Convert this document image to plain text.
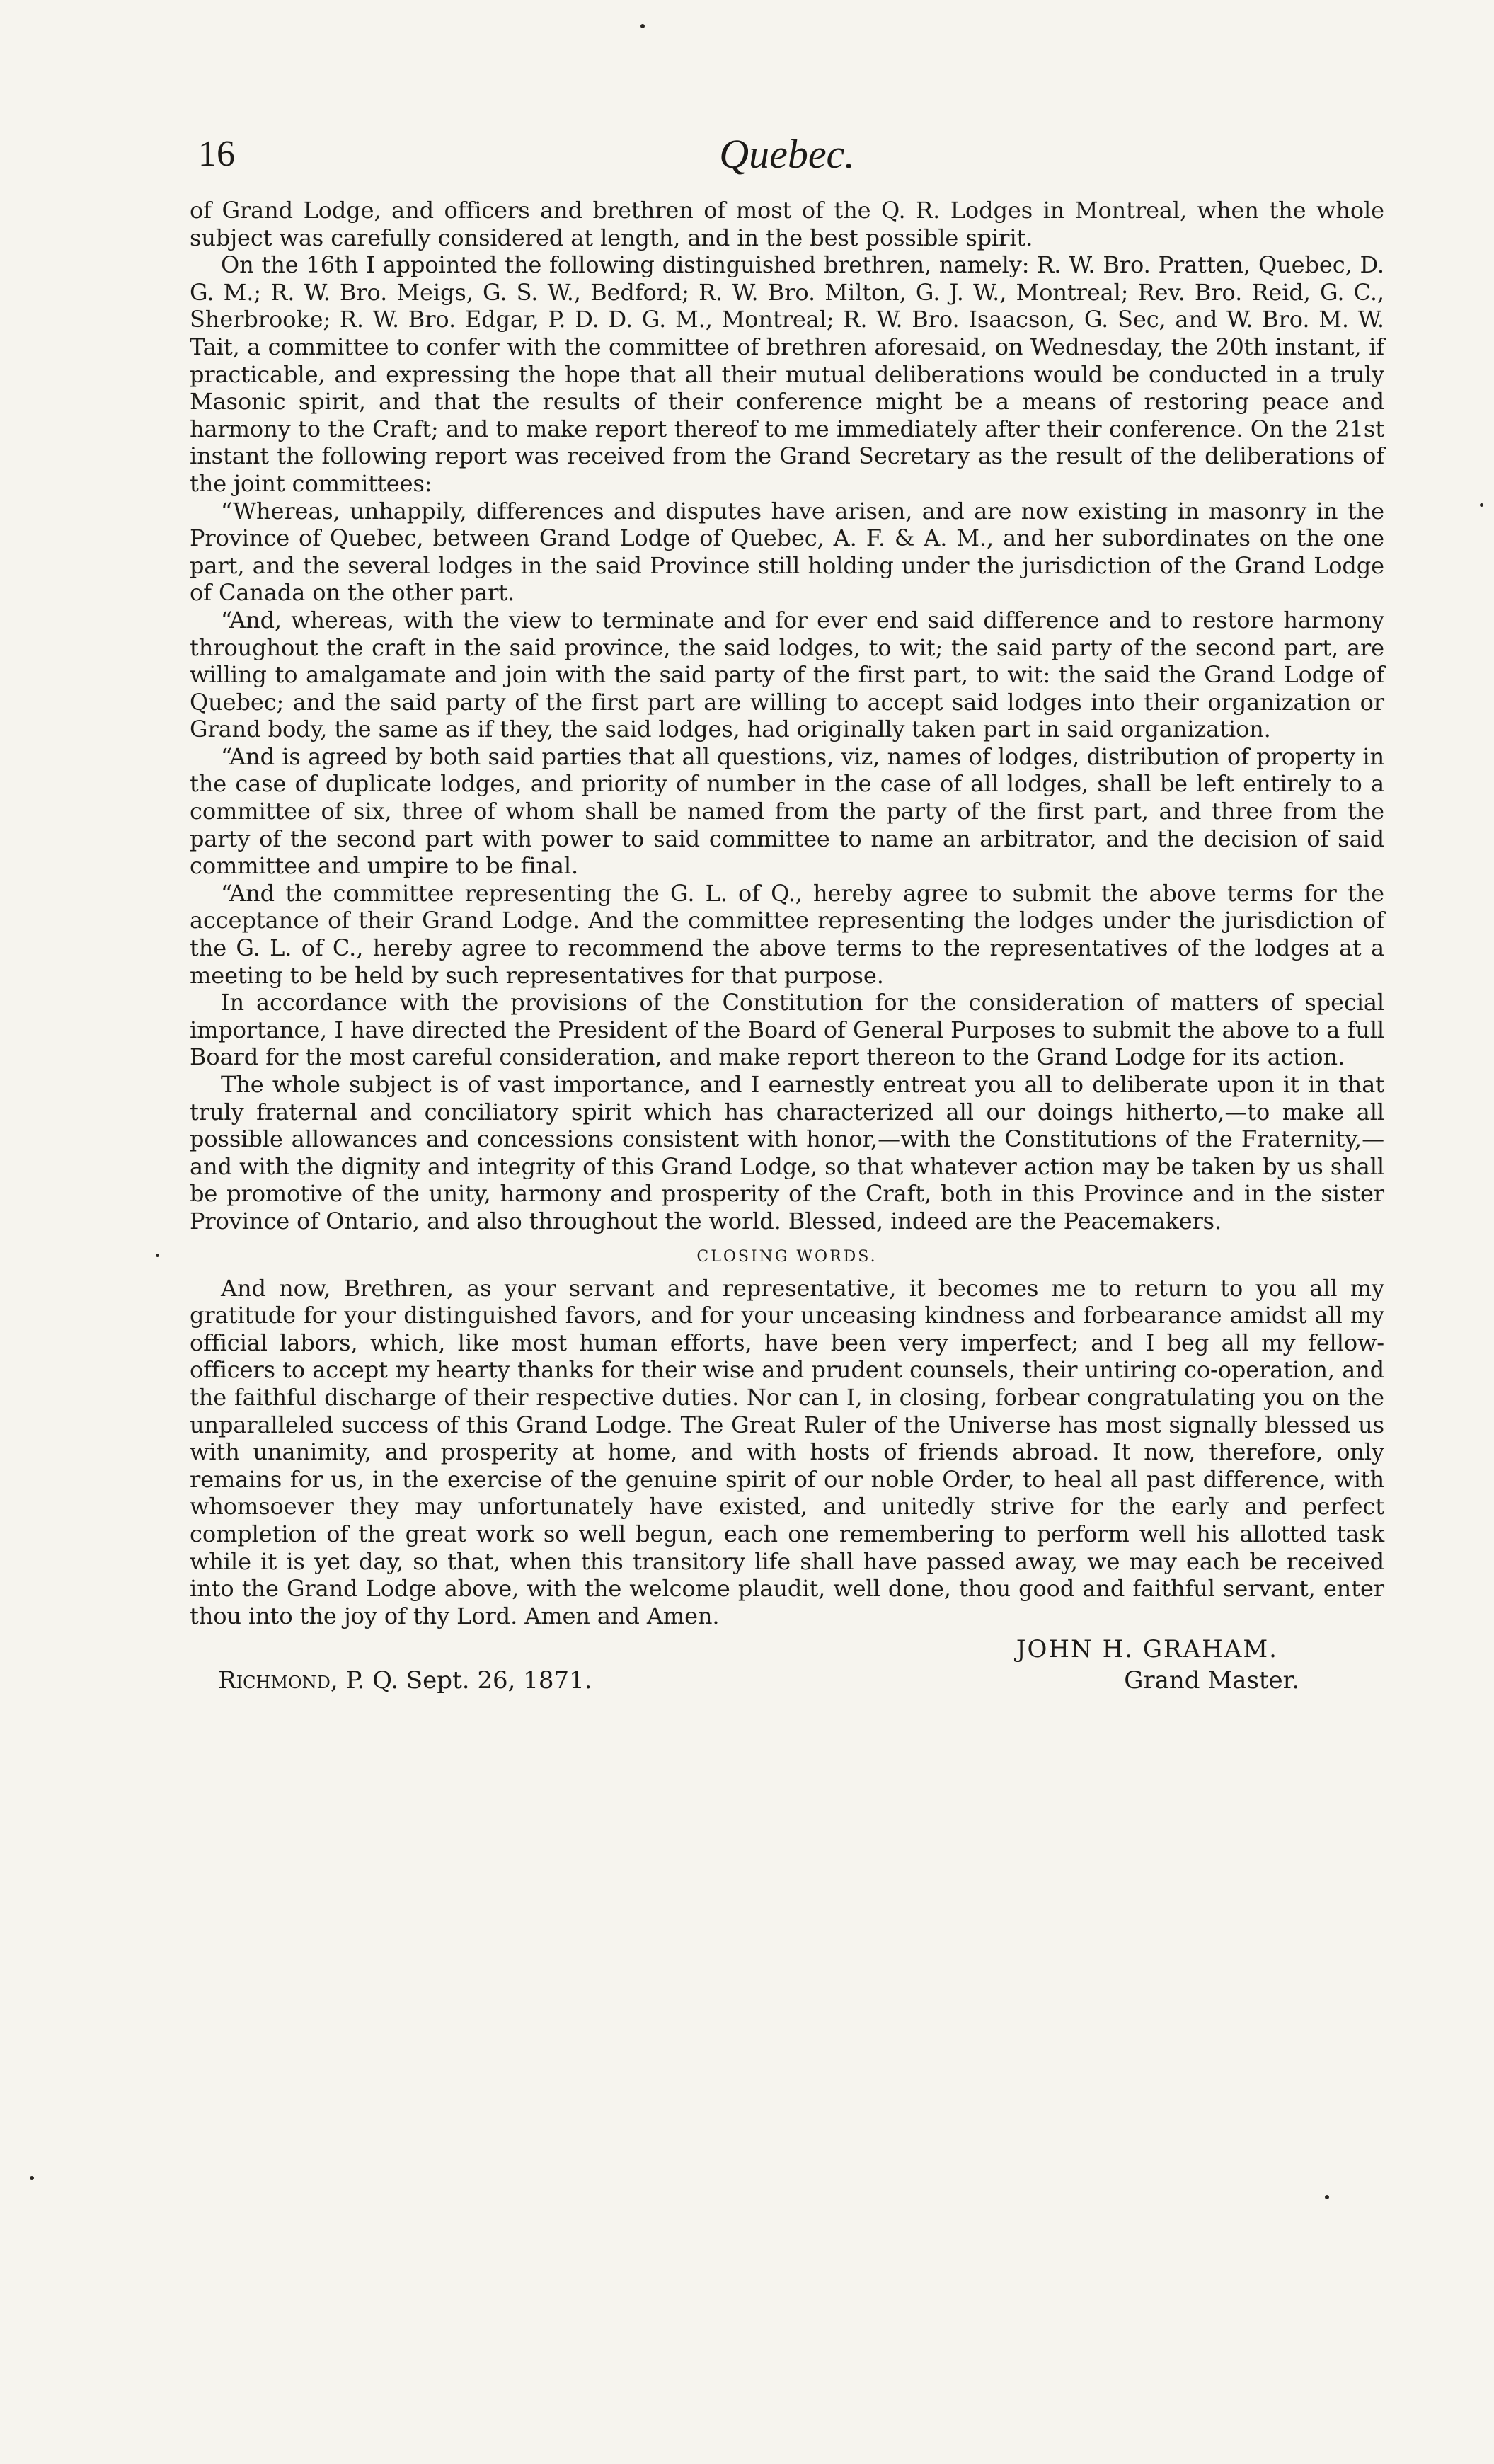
16	Quebec.

of Grand Lodge, and officers and brethren of most of the Q. R. Lodges in Montreal, when the whole subject was carefully considered at length, and in the best possible spirit.

On the 16th I appointed the following distinguished brethren, namely: R. W. Bro. Pratten, Quebec, D. G. M.; R. W. Bro. Meigs, G. S. W., Bedford; R. W. Bro. Milton, G. J. W., Montreal; Rev. Bro. Reid, G. C., Sherbrooke; R. W. Bro. Edgar, P. D. D. G. M., Montreal; R. W. Bro. Isaacson, G. Sec, and W. Bro. M. W. Tait, a committee to confer with the committee of brethren aforesaid, on Wednesday, the 20th instant, if practicable, and expressing the hope that all their mutual deliberations would be conducted in a truly Masonic spirit, and that the results of their conference might be a means of restoring peace and harmony to the Craft; and to make report thereof to me immediately after their conference. On the 21st instant the following report was received from the Grand Secretary as the result of the deliberations of the joint committees:

“Whereas, unhappily, differences and disputes have arisen, and are now existing in masonry in the Province of Quebec, between Grand Lodge of Quebec, A. F. & A. M., and her subordinates on the one part, and the several lodges in the said Province still holding under the jurisdiction of the Grand Lodge of Canada on the other part.

“And, whereas, with the view to terminate and for ever end said difference and to restore harmony throughout the craft in the said province, the said lodges, to wit; the said party of the second part, are willing to amalgamate and join with the said party of the first part, to wit: the said the Grand Lodge of Quebec; and the said party of the first part are willing to accept said lodges into their organization or Grand body, the same as if they, the said lodges, had originally taken part in said organization.

“And is agreed by both said parties that all questions, viz, names of lodges, distribution of property in the case of duplicate lodges, and priority of number in the case of all lodges, shall be left entirely to a committee of six, three of whom shall be named from the party of the first part, and three from the party of the second part with power to said committee to name an arbitrator, and the decision of said committee and umpire to be final.

“And the committee representing the G. L. of Q., hereby agree to submit the above terms for the acceptance of their Grand Lodge. And the committee representing the lodges under the jurisdiction of the G. L. of C., hereby agree to recommend the above terms to the representatives of the lodges at a meeting to be held by such representatives for that purpose.

In accordance with the provisions of the Constitution for the consideration of matters of special importance, I have directed the President of the Board of General Purposes to submit the above to a full Board for the most careful consideration, and make report thereon to the Grand Lodge for its action.

The whole subject is of vast importance, and I earnestly entreat you all to deliberate upon it in that truly fraternal and conciliatory spirit which has characterized all our doings hitherto,—to make all possible allowances and concessions consistent with honor,—with the Constitutions of the Fraternity,—and with the dignity and integrity of this Grand Lodge, so that whatever action may be taken by us shall be promotive of the unity, harmony and prosperity of the Craft, both in this Province and in the sister Province of Ontario, and also throughout the world. Blessed, indeed are the Peacemakers.

CLOSING WORDS.

And now, Brethren, as your servant and representative, it becomes me to return to you all my gratitude for your distinguished favors, and for your unceasing kindness and forbearance amidst all my official labors, which, like most human efforts, have been very imperfect; and I beg all my fellow-officers to accept my hearty thanks for their wise and prudent counsels, their untiring co-operation, and the faithful discharge of their respective duties. Nor can I, in closing, forbear congratulating you on the unparalleled success of this Grand Lodge. The Great Ruler of the Universe has most signally blessed us with unanimity, and prosperity at home, and with hosts of friends abroad. It now, therefore, only remains for us, in the exercise of the genuine spirit of our noble Order, to heal all past difference, with whomsoever they may unfortunately have existed, and unitedly strive for the early and perfect completion of the great work so well begun, each one remembering to perform well his allotted task while it is yet day, so that, when this transitory life shall have passed away, we may each be received into the Grand Lodge above, with the welcome plaudit, well done, thou good and faithful servant, enter thou into the joy of thy Lord. Amen and Amen.

JOHN H. GRAHAM.
Richmond, P. Q. Sept. 26, 1871.	Grand Master.
